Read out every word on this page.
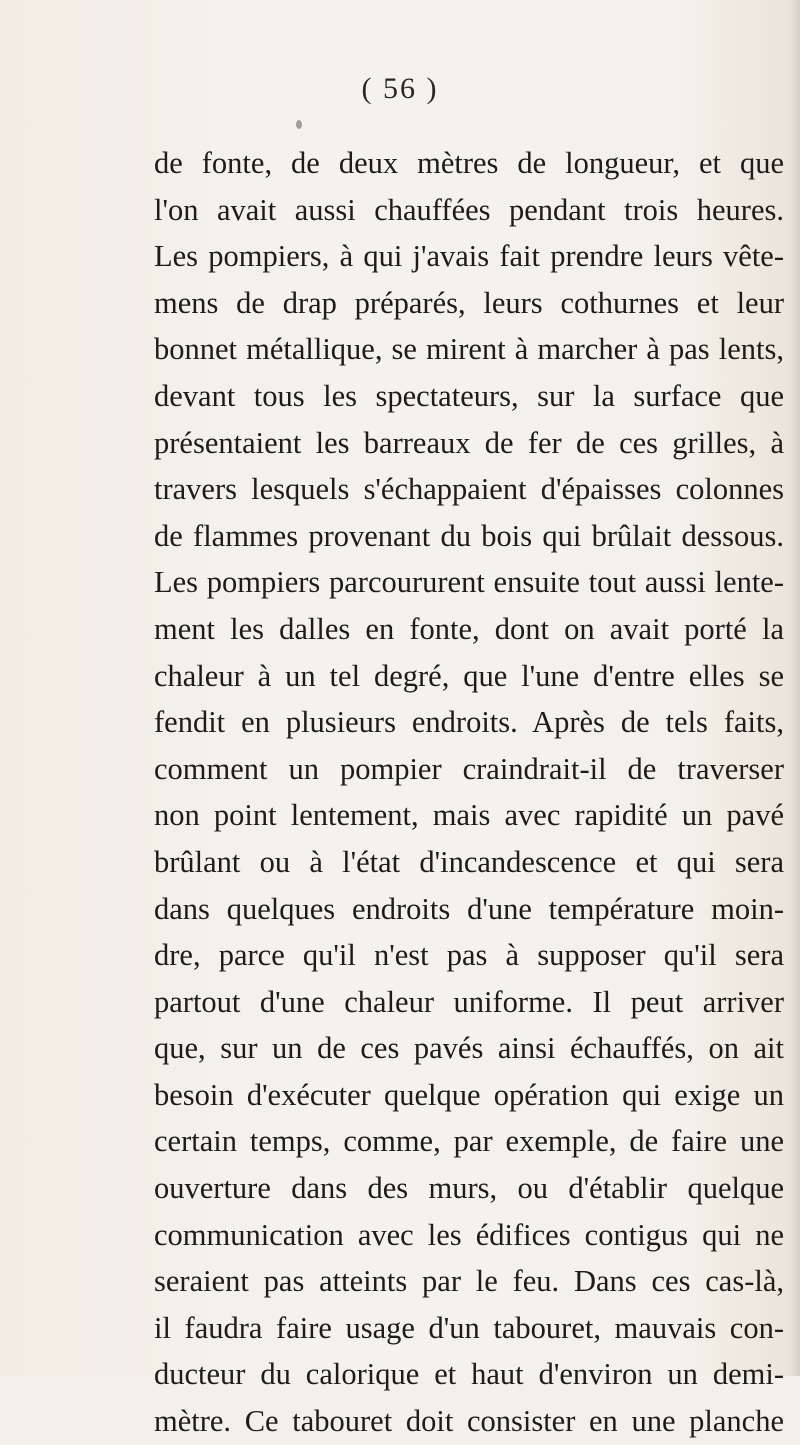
( 56 )
de fonte, de deux mètres de longueur, et que
l'on avait aussi chauffées pendant trois heures.
Les pompiers, à qui j'avais fait prendre leurs vête-
mens de drap préparés, leurs cothurnes et leur
bonnet métallique, se mirent à marcher à pas lents,
devant tous les spectateurs, sur la surface que
présentaient les barreaux de fer de ces grilles, à
travers lesquels s'échappaient d'épaisses colonnes
de flammes provenant du bois qui brûlait dessous.
Les pompiers parcoururent ensuite tout aussi lente-
ment les dalles en fonte, dont on avait porté la
chaleur à un tel degré, que l'une d'entre elles se
fendit en plusieurs endroits. Après de tels faits,
comment un pompier craindrait-il de traverser
non point lentement, mais avec rapidité un pavé
brûlant ou à l'état d'incandescence et qui sera
dans quelques endroits d'une température moin-
dre, parce qu'il n'est pas à supposer qu'il sera
partout d'une chaleur uniforme. Il peut arriver
que, sur un de ces pavés ainsi échauffés, on ait
besoin d'exécuter quelque opération qui exige un
certain temps, comme, par exemple, de faire une
ouverture dans des murs, ou d'établir quelque
communication avec les édifices contigus qui ne
seraient pas atteints par le feu. Dans ces cas-là,
il faudra faire usage d'un tabouret, mauvais con-
ducteur du calorique et haut d'environ un demi-
mètre. Ce tabouret doit consister en une planche
